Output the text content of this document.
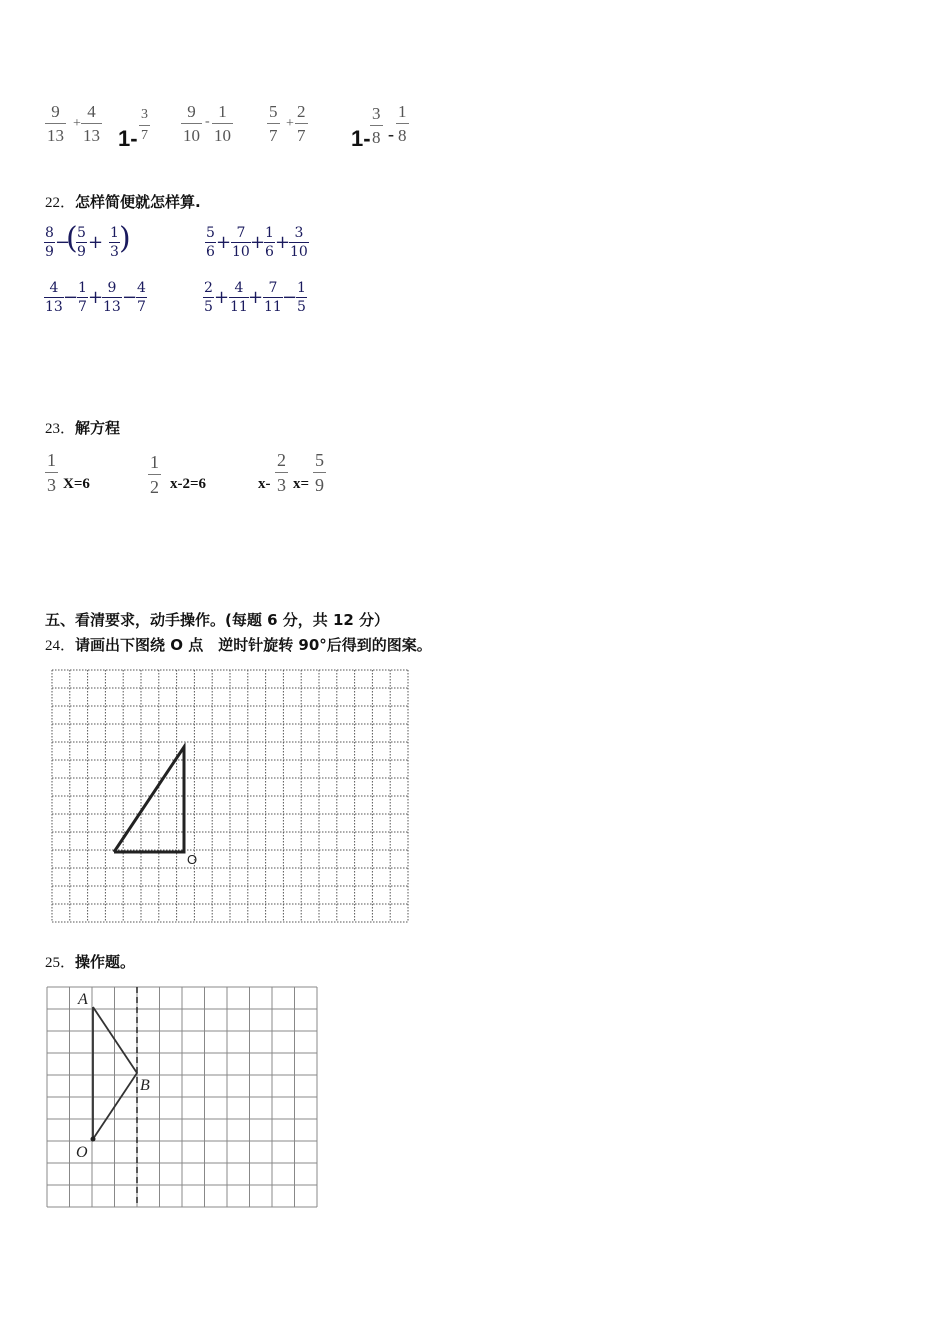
$\frac{9}{13} + \frac{4}{13} 1- \frac{3}{7} \frac{9}{10} - \frac{1}{10} \frac{5}{7} + \frac{2}{7} 1- \frac{3}{8} - \frac{1}{8}$
22．怎样简便就怎样算.
8
9 −
( 5
9 + 1
3 )	5
6 + 7
10 + 1
6 + 3
10
4
13 − 1
7 + 9
13 − 4
7
2
5 + 4
11 + 7
11 − 1
5
23．解方程
1
3 X=6
1
2 x-2=6	x-
2
3 x=
5
9
五、看清要求，动手操作。(每题 6 分，共 12 分）
24．请画出下图绕 O 点　逆时针旋转 90°后得到的图案。
O
25．操作题。
A
B
O
